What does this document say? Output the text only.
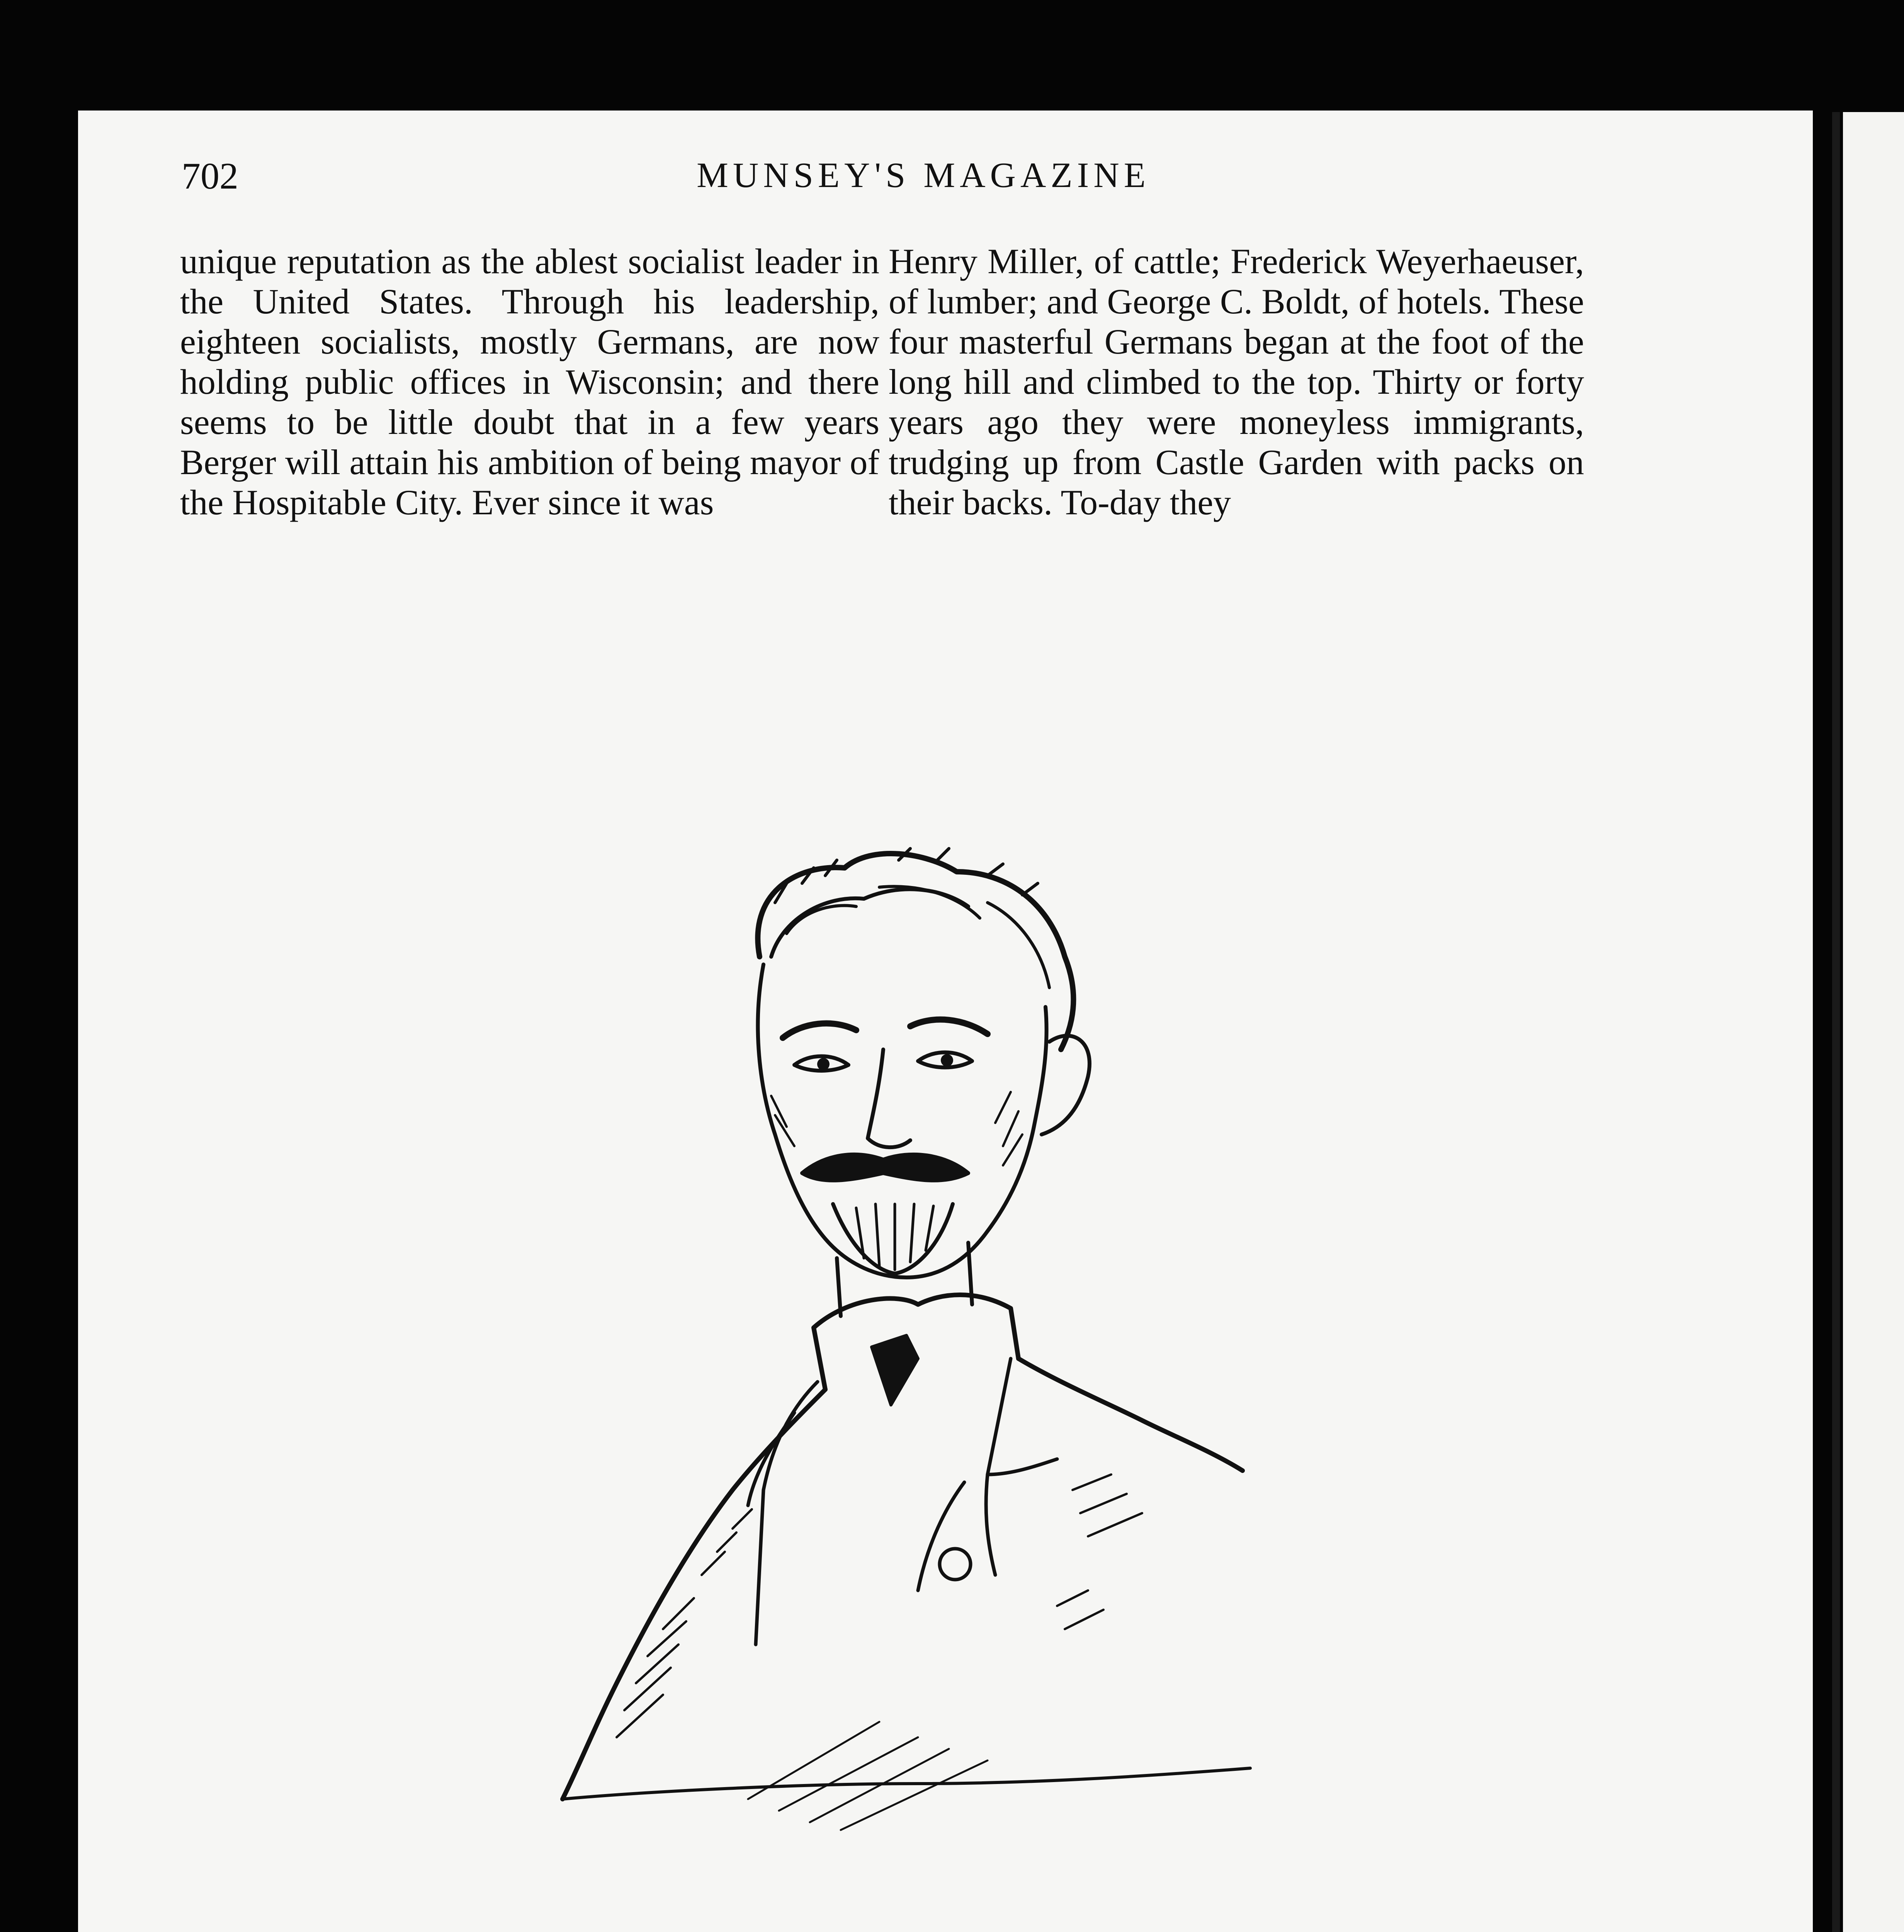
702	MUNSEY'S MAGAZINE

unique reputation as the ablest socialist leader in the United States. Through his leadership, eighteen socialists, mostly Germans, are now holding public offices in Wisconsin; and there seems to be little doubt that in a few years Berger will attain his ambition of being mayor of the Hospitable City. Ever since it was

Henry Miller, of cattle; Frederick Weyerhaeuser, of lumber; and George C. Boldt, of hotels. These four masterful Germans began at the foot of the long hill and climbed to the top. Thirty or forty years ago they were moneyless immigrants, trudging up from Castle Garden with packs on their backs. To-day they
